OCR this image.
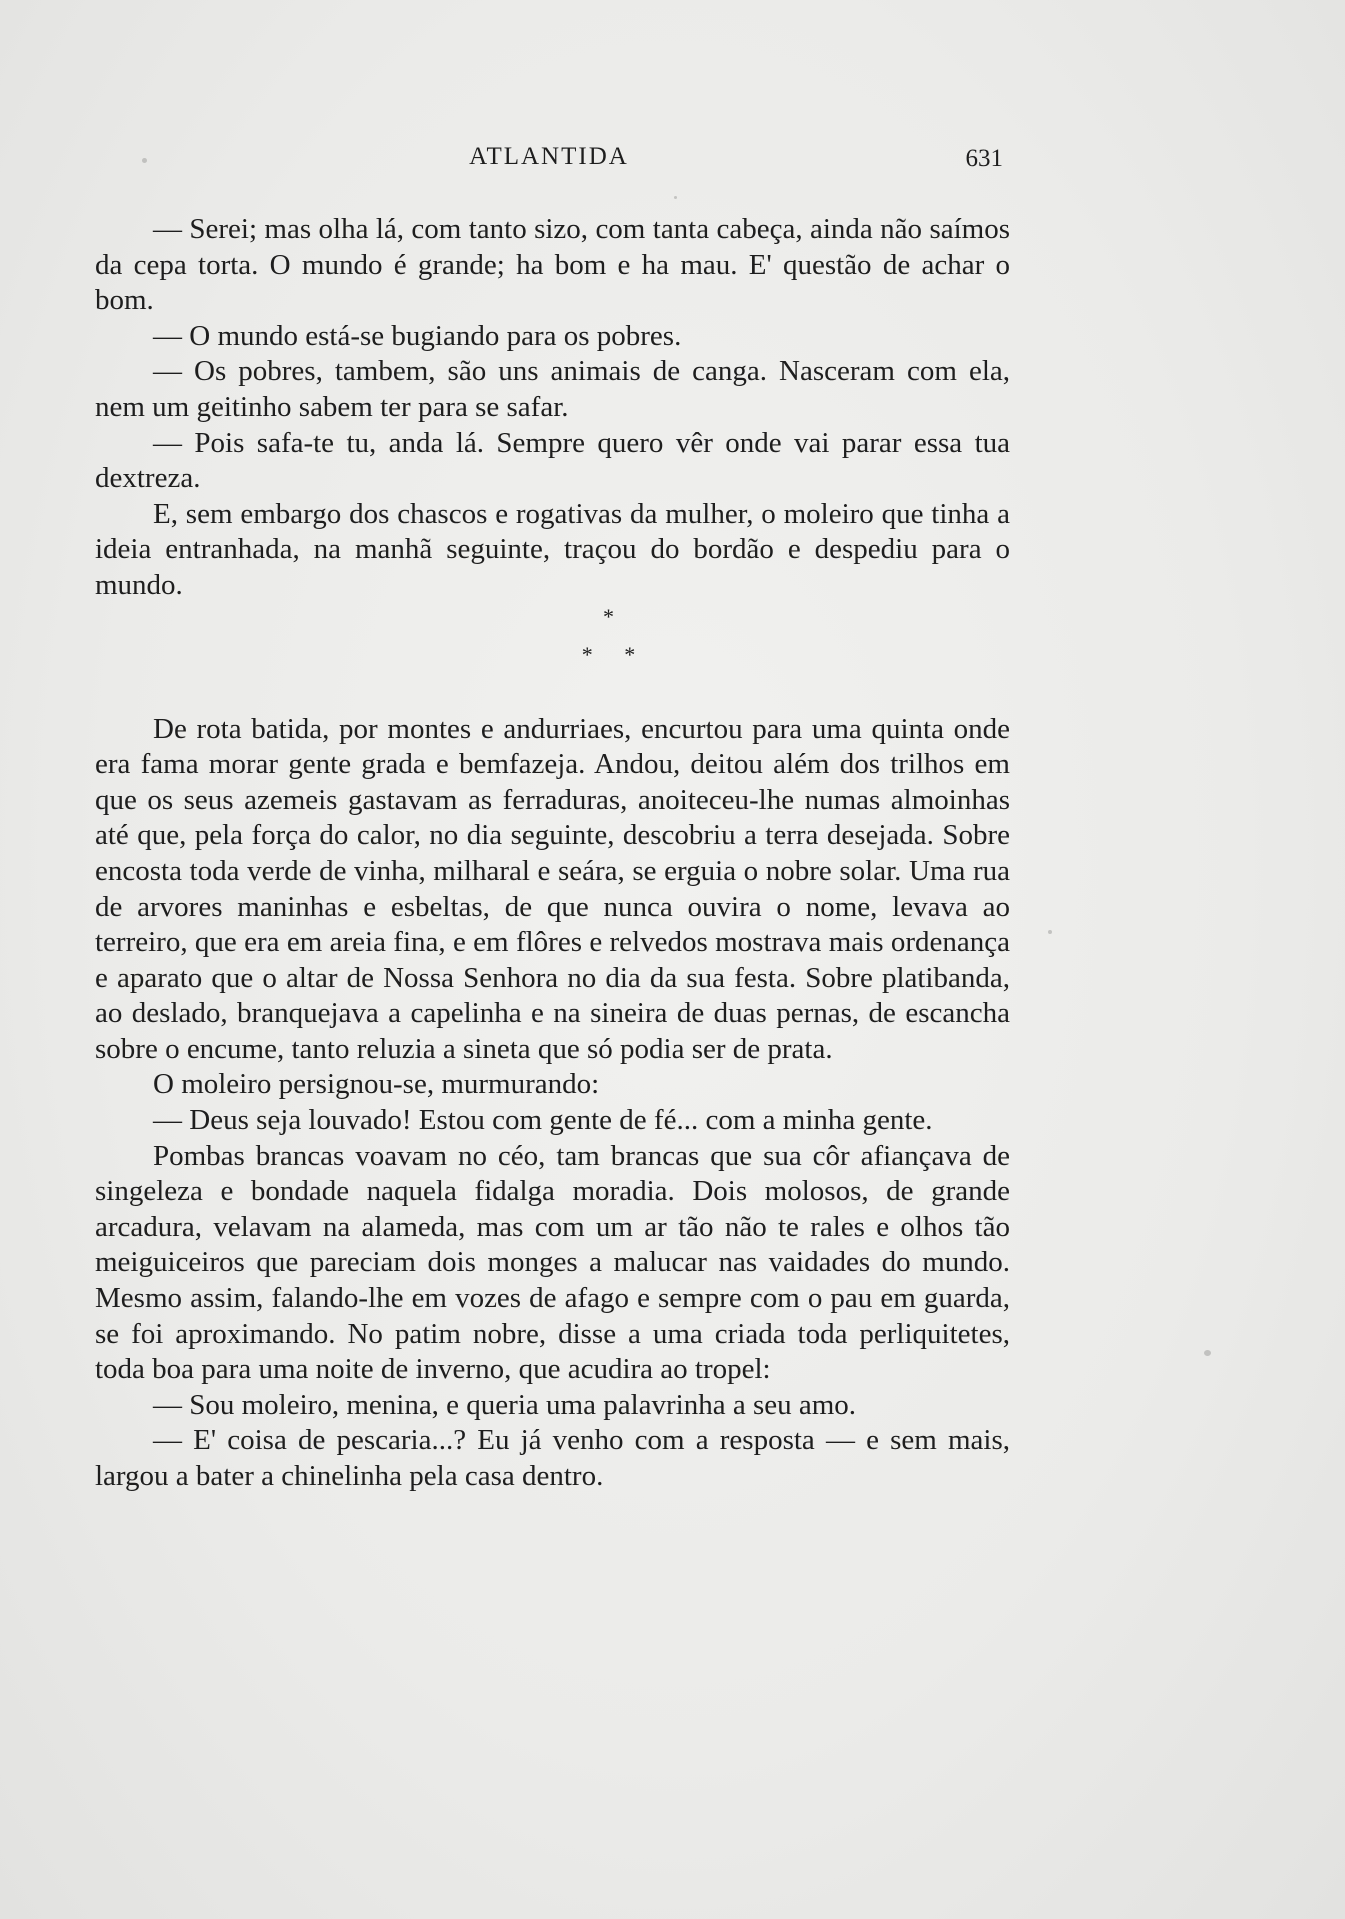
ATLANTIDA	631

— Serei; mas olha lá, com tanto sizo, com tanta cabeça, ainda não saímos da cepa torta. O mundo é grande; ha bom e ha mau. E' questão de achar o bom.

— O mundo está-se bugiando para os pobres.

— Os pobres, tambem, são uns animais de canga. Nasceram com ela, nem um geitinho sabem ter para se safar.

— Pois safa-te tu, anda lá. Sempre quero vêr onde vai parar essa tua dextreza.

E, sem embargo dos chascos e rogativas da mulher, o moleiro que tinha a ideia entranhada, na manhã seguinte, traçou do bordão e despediu para o mundo.

*
* *

De rota batida, por montes e andurriaes, encurtou para uma quinta onde era fama morar gente grada e bemfazeja. Andou, deitou além dos trilhos em que os seus azemeis gastavam as ferraduras, anoiteceu-lhe numas almoinhas até que, pela força do calor, no dia seguinte, descobriu a terra desejada. Sobre encosta toda verde de vinha, milharal e seára, se erguia o nobre solar. Uma rua de arvores maninhas e esbeltas, de que nunca ouvira o nome, levava ao terreiro, que era em areia fina, e em flôres e relvedos mostrava mais ordenança e aparato que o altar de Nossa Senhora no dia da sua festa. Sobre platibanda, ao deslado, branquejava a capelinha e na sineira de duas pernas, de escancha sobre o encume, tanto reluzia a sineta que só podia ser de prata.

O moleiro persignou-se, murmurando:

— Deus seja louvado! Estou com gente de fé... com a minha gente.

Pombas brancas voavam no céo, tam brancas que sua côr afiançava de singeleza e bondade naquela fidalga moradia. Dois molosos, de grande arcadura, velavam na alameda, mas com um ar tão não te rales e olhos tão meiguiceiros que pareciam dois monges a malucar nas vaidades do mundo. Mesmo assim, falando-lhe em vozes de afago e sempre com o pau em guarda, se foi aproximando. No patim nobre, disse a uma criada toda perliquitetes, toda boa para uma noite de inverno, que acudira ao tropel:

— Sou moleiro, menina, e queria uma palavrinha a seu amo.

— E' coisa de pescaria...? Eu já venho com a resposta — e sem mais, largou a bater a chinelinha pela casa dentro.
